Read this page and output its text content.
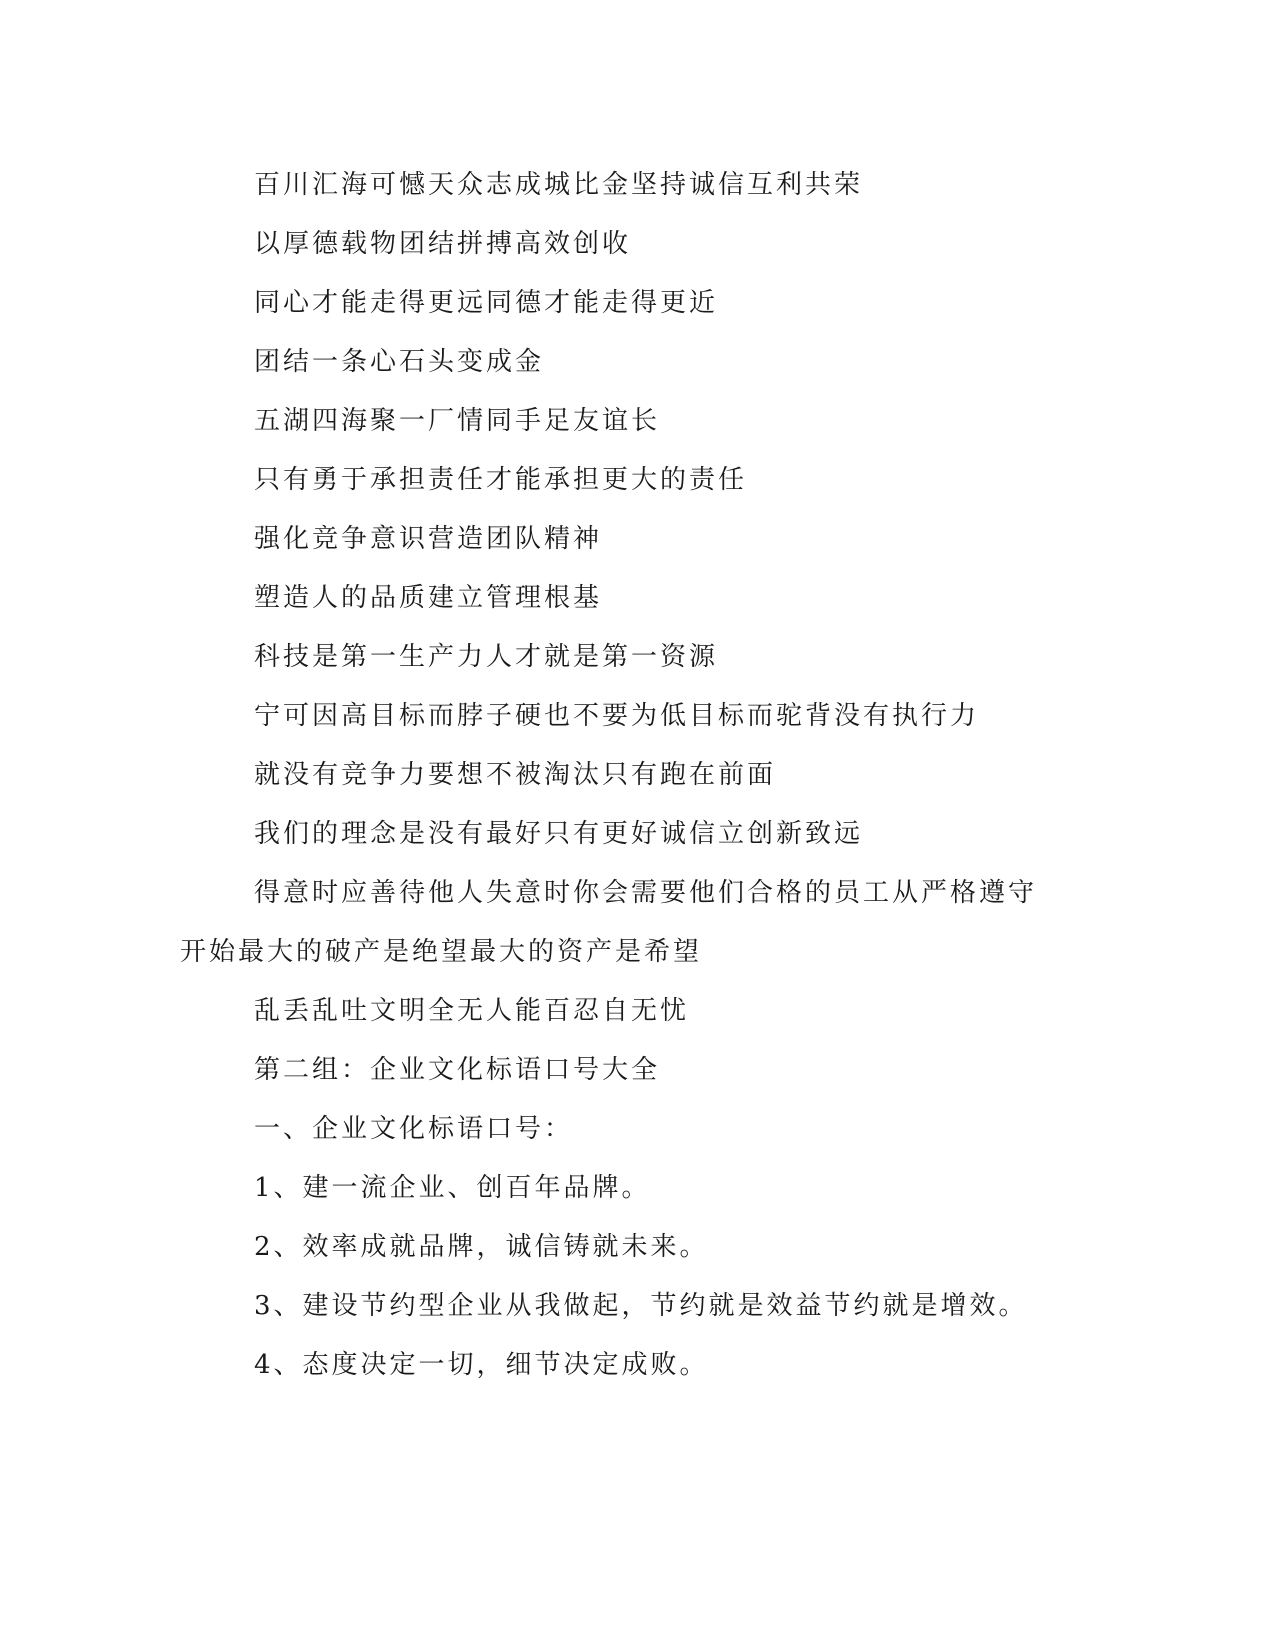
百川汇海可憾天众志成城比金坚持诚信互利共荣

以厚德载物团结拼搏高效创收

同心才能走得更远同德才能走得更近

团结一条心石头变成金

五湖四海聚一厂情同手足友谊长

只有勇于承担责任才能承担更大的责任

强化竞争意识营造团队精神

塑造人的品质建立管理根基

科技是第一生产力人才就是第一资源

宁可因高目标而脖子硬也不要为低目标而驼背没有执行力

就没有竞争力要想不被淘汰只有跑在前面

我们的理念是没有最好只有更好诚信立创新致远

得意时应善待他人失意时你会需要他们合格的员工从严格遵守开始最大的破产是绝望最大的资产是希望

乱丢乱吐文明全无人能百忍自无忧

第二组：企业文化标语口号大全

一、企业文化标语口号：

1、建一流企业、创百年品牌。

2、效率成就品牌，诚信铸就未来。

3、建设节约型企业从我做起，节约就是效益节约就是增效。

4、态度决定一切，细节决定成败。
